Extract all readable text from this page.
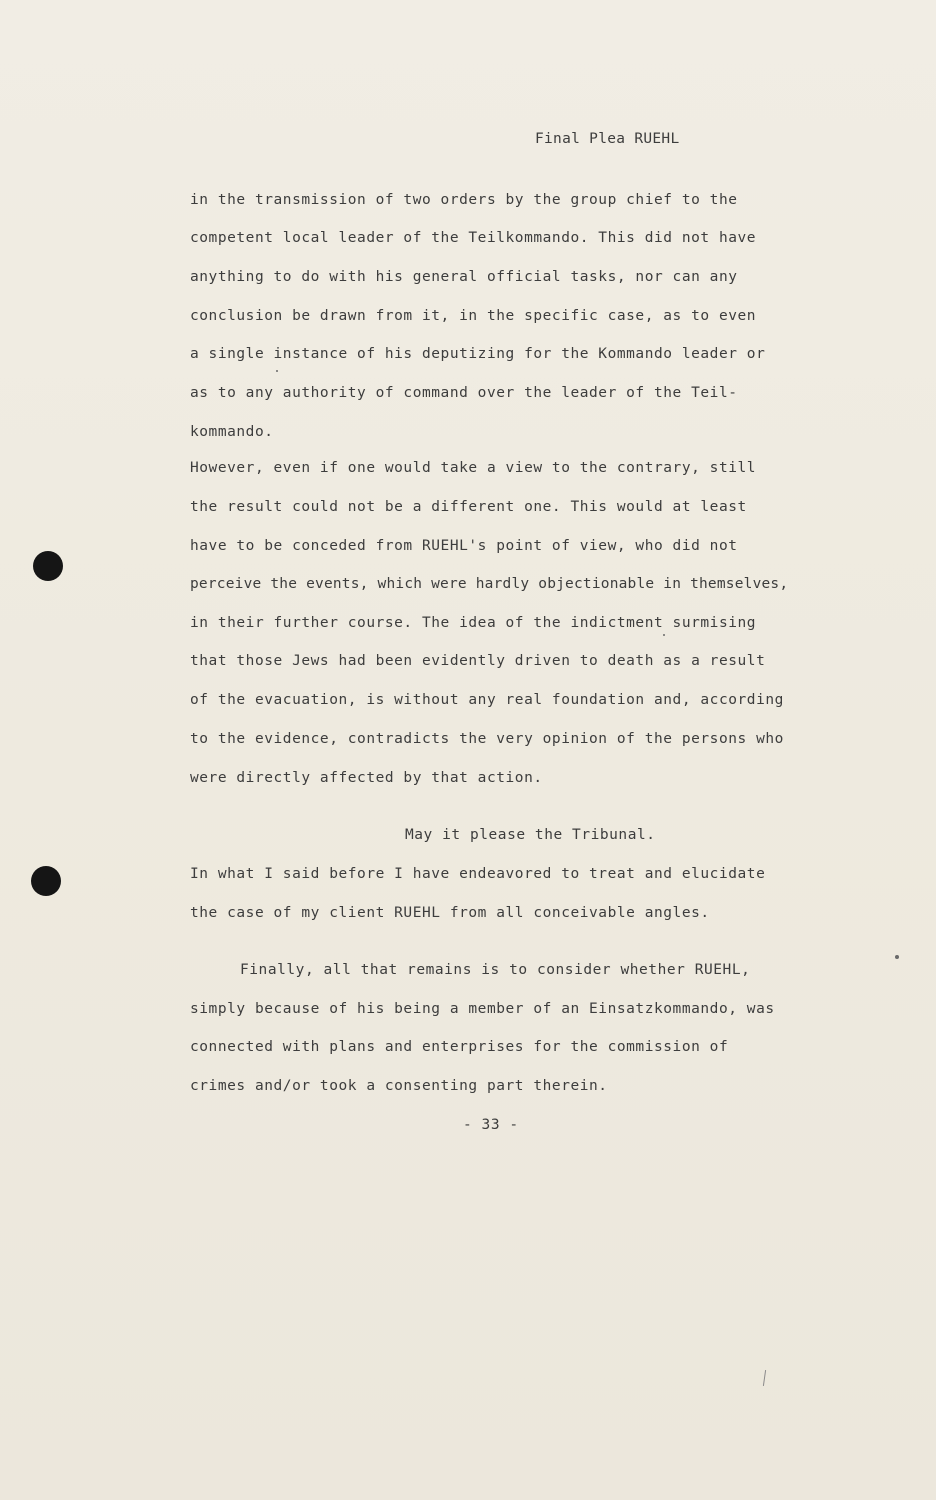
Final Plea RUEHL
in the transmission of two orders by the group chief to the
competent local leader of the Teilkommando. This did not have
anything to do with his general official tasks, nor can any
conclusion be drawn from it, in the specific case, as to even
a single instance of his deputizing for the Kommando leader or
as to any authority of command over the leader of the Teil-
kommando.
However, even if one would take a view to the contrary, still
the result could not be a different one. This would at least
have to be conceded from RUEHL's point of view, who did not
perceive the events, which were hardly objectionable in themselves,
in their further course. The idea of the indictment surmising
that those Jews had been evidently driven to death as a result
of the evacuation, is without any real foundation and, according
to the evidence, contradicts the very opinion of the persons who
were directly affected by that action.
May it please the Tribunal.
In what I said before I have endeavored to treat and elucidate
the case of my client RUEHL from all conceivable angles.
Finally, all that remains is to consider whether RUEHL,
simply because of his being a member of an Einsatzkommando, was
connected with plans and enterprises for the commission of
crimes and/or took a consenting part therein.
- 33 -
